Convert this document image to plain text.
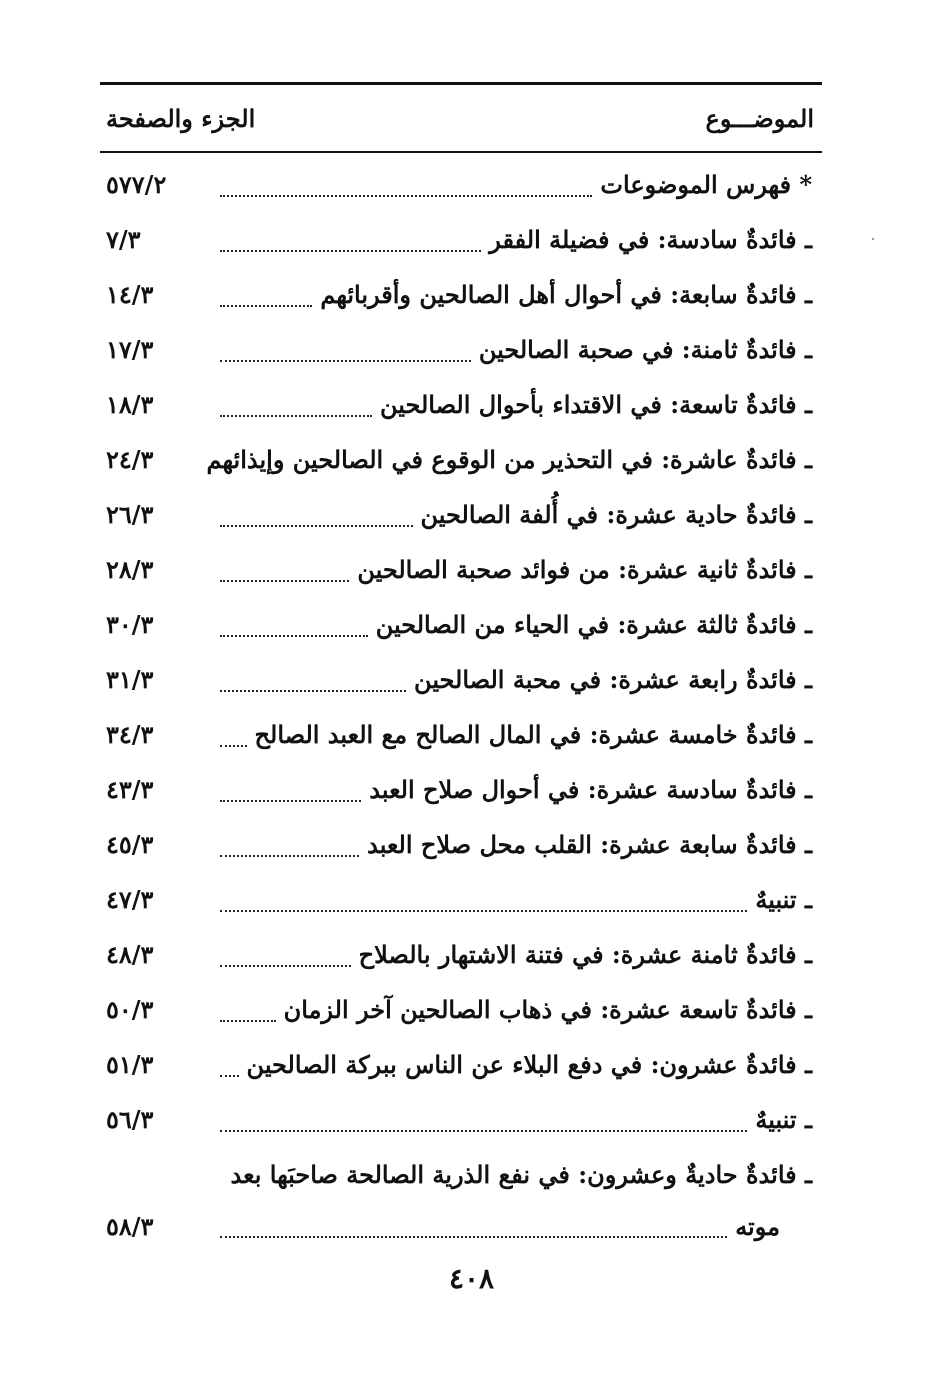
الجزء والصفحة	الموضـــوع
* فهرس الموضوعات
٥٧٧/٢
ـ فائدةٌ سادسة: في فضيلة الفقر
٧/٣
ـ فائدةٌ سابعة: في أحوال أهل الصالحين وأقربائهم
١٤/٣
ـ فائدةٌ ثامنة: في صحبة الصالحين
١٧/٣
ـ فائدةٌ تاسعة: في الاقتداء بأحوال الصالحين
١٨/٣
ـ فائدةٌ عاشرة: في التحذير من الوقوع في الصالحين وإيذائهم
٢٤/٣
ـ فائدةٌ حادية عشرة: في أُلفة الصالحين
٢٦/٣
ـ فائدةٌ ثانية عشرة: من فوائد صحبة الصالحين
٢٨/٣
ـ فائدةٌ ثالثة عشرة: في الحياء من الصالحين
٣٠/٣
ـ فائدةٌ رابعة عشرة: في محبة الصالحين
٣١/٣
ـ فائدةٌ خامسة عشرة: في المال الصالح مع العبد الصالح
٣٤/٣
ـ فائدةٌ سادسة عشرة: في أحوال صلاح العبد
٤٣/٣
ـ فائدةٌ سابعة عشرة: القلب محل صلاح العبد
٤٥/٣
ـ تنبيهٌ
٤٧/٣
ـ فائدةٌ ثامنة عشرة: في فتنة الاشتهار بالصلاح
٤٨/٣
ـ فائدةٌ تاسعة عشرة: في ذهاب الصالحين آخر الزمان
٥٠/٣
ـ فائدةٌ عشرون: في دفع البلاء عن الناس ببركة الصالحين
٥١/٣
ـ تنبيهٌ
٥٦/٣
ـ فائدةٌ حاديةٌ وعشرون: في نفع الذرية الصالحة صاحبَها بعد
موته
٥٨/٣
٤٠٨
